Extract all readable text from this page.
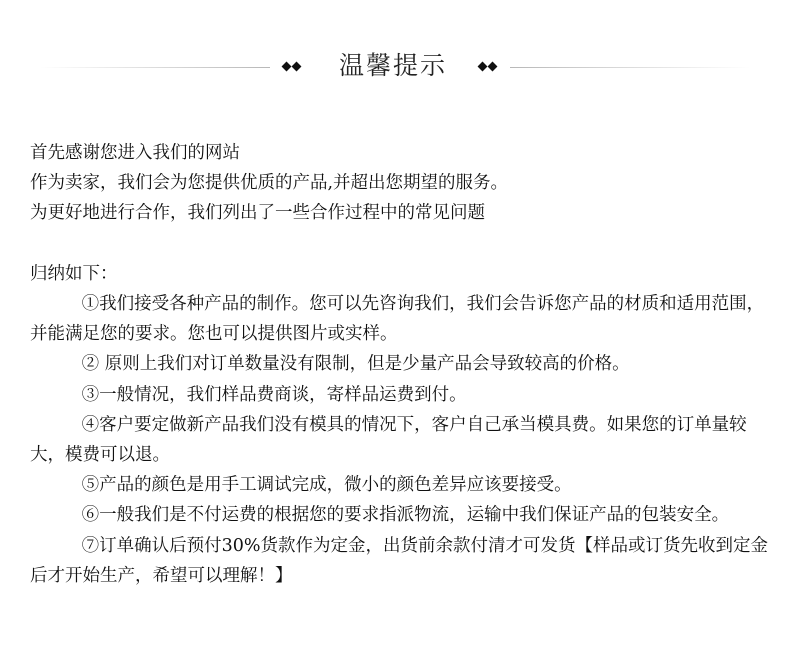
温馨提示
首先感谢您进入我们的网站
作为卖家，我们会为您提供优质的产品,并超出您期望的服务。
为更好地进行合作，我们列出了一些合作过程中的常见问题
归纳如下：
①我们接受各种产品的制作。您可以先咨询我们，我们会告诉您产品的材质和适用范围，并能满足您的要求。您也可以提供图片或实样。
② 原则上我们对订单数量没有限制，但是少量产品会导致较高的价格。
③一般情况，我们样品费商谈，寄样品运费到付。
④客户要定做新产品我们没有模具的情况下，客户自己承当模具费。如果您的订单量较大，模费可以退。
⑤产品的颜色是用手工调试完成，微小的颜色差异应该要接受。
⑥一般我们是不付运费的根据您的要求指派物流，运输中我们保证产品的包装安全。
⑦订单确认后预付30%货款作为定金，出货前余款付清才可发货【样品或订货先收到定金后才开始生产，希望可以理解！】
